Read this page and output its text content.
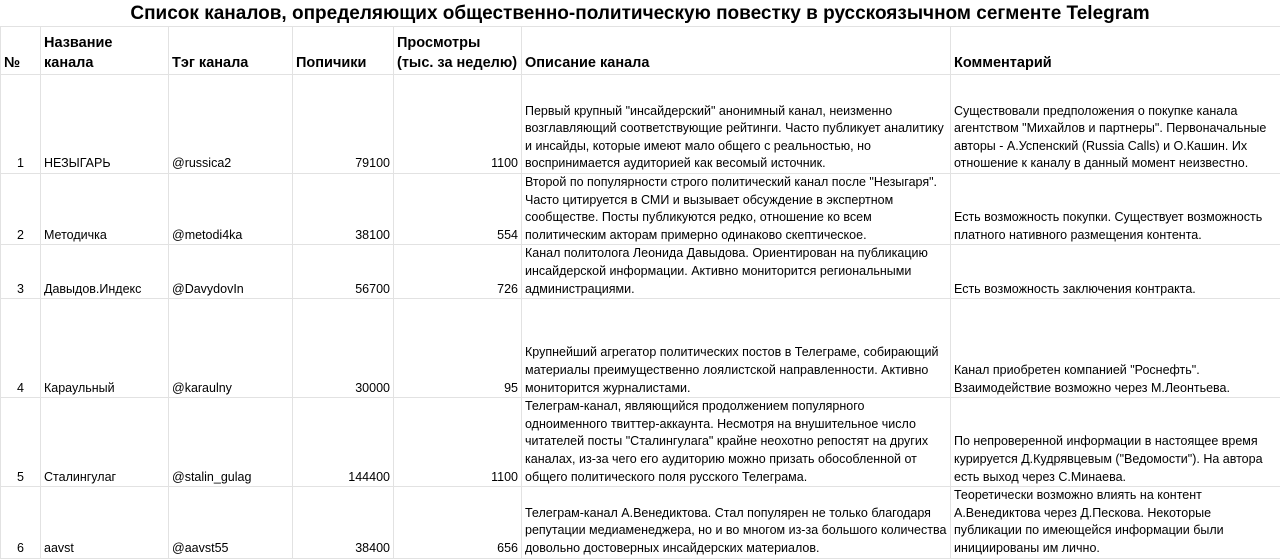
Список каналов, определяющих общественно-политическую повестку в русскоязычном сегменте Telegram
№	Название канала	Тэг канала	Попичики	Просмотры (тыс. за неделю)	Описание канала	Комментарий
1	НЕЗЫГАРЬ	@russica2	79100	1100	Первый крупный "инсайдерский" анонимный канал, неизменно возглавляющий соответствующие рейтинги. Часто публикует аналитику и инсайды, которые имеют мало общего с реальностью, но воспринимается аудиторией как весомый источник.	Существовали предположения о покупке канала агентством "Михайлов и партнеры". Первоначальные авторы - А.Успенский (Russia Calls) и О.Кашин. Их отношение к каналу в данный момент неизвестно.
2	Методичка	@metodi4ka	38100	554	Второй по популярности строго политический канал после "Незыгаря". Часто цитируется в СМИ и вызывает обсуждение в экспертном сообществе. Посты публикуются редко, отношение ко всем политическим акторам примерно одинаково скептическое.	Есть возможность покупки. Существует возможность платного нативного размещения контента.
3	Давыдов.Индекс	@DavydovIn	56700	726	Канал политолога Леонида Давыдова. Ориентирован на публикацию инсайдерской информации. Активно мониторится региональными администрациями.	Есть возможность заключения контракта.
4	Караульный	@karaulny	30000	95	Крупнейший агрегатор политических постов в Телеграме, собирающий материалы преимущественно лоялистской направленности. Активно мониторится журналистами.	Канал приобретен компанией "Роснефть". Взаимодействие возможно через М.Леонтьева.
5	Сталингулаг	@stalin_gulag	144400	1100	Телеграм-канал, являющийся продолжением популярного одноименного твиттер-аккаунта. Несмотря на внушительное число читателей посты "Сталингулага" крайне неохотно репостят на других каналах, из-за чего его аудиторию можно призать обособленной от общего политического поля русского Телеграма.	По непроверенной информации в настоящее время курируется Д.Кудрявцевым ("Ведомости"). На автора есть выход через С.Минаева.
6	aavst	@aavst55	38400	656	Телеграм-канал А.Венедиктова. Стал популярен не только благодаря репутации медиаменеджера, но и во многом из-за большого количества довольно достоверных инсайдерских материалов.	Теоретически возможно влиять на контент А.Венедиктова через Д.Пескова. Некоторые публикации по имеющейся информации были инициированы им лично.
